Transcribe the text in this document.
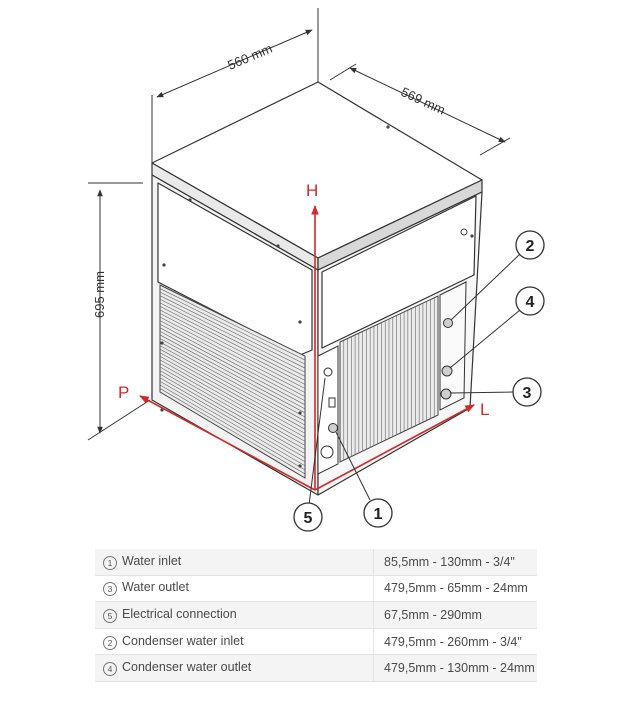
560 mm
569 mm
695 mm
H
L
P
2
4
3
5	1
1 Water inlet	85,5mm - 130mm - 3/4"
3 Water outlet	479,5mm - 65mm - 24mm
5 Electrical connection	67,5mm - 290mm
2 Condenser water inlet	479,5mm - 260mm - 3/4"
4 Condenser water outlet	479,5mm - 130mm - 24mm
